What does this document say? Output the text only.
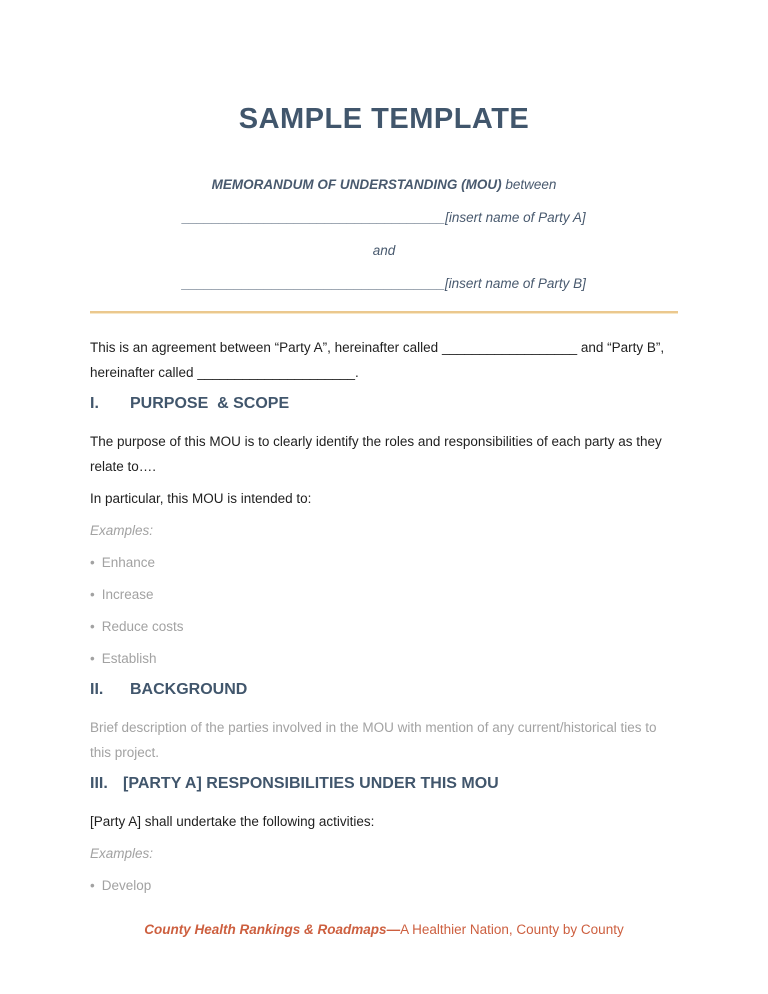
SAMPLE TEMPLATE

MEMORANDUM OF UNDERSTANDING (MOU) between

___________________________________[insert name of Party A]

and

___________________________________[insert name of Party B]

This is an agreement between “Party A”, hereinafter called __________________ and “Party B”, hereinafter called _____________________.

I. PURPOSE  & SCOPE

The purpose of this MOU is to clearly identify the roles and responsibilities of each party as they relate to….

In particular, this MOU is intended to:

Examples:

• Enhance
• Increase
• Reduce costs
• Establish
II. BACKGROUND

Brief description of the parties involved in the MOU with mention of any current/historical ties to this project.

III. [PARTY A] RESPONSIBILITIES UNDER THIS MOU

[Party A] shall undertake the following activities:

Examples:

• Develop
County Health Rankings & Roadmaps—A Healthier Nation, County by County
